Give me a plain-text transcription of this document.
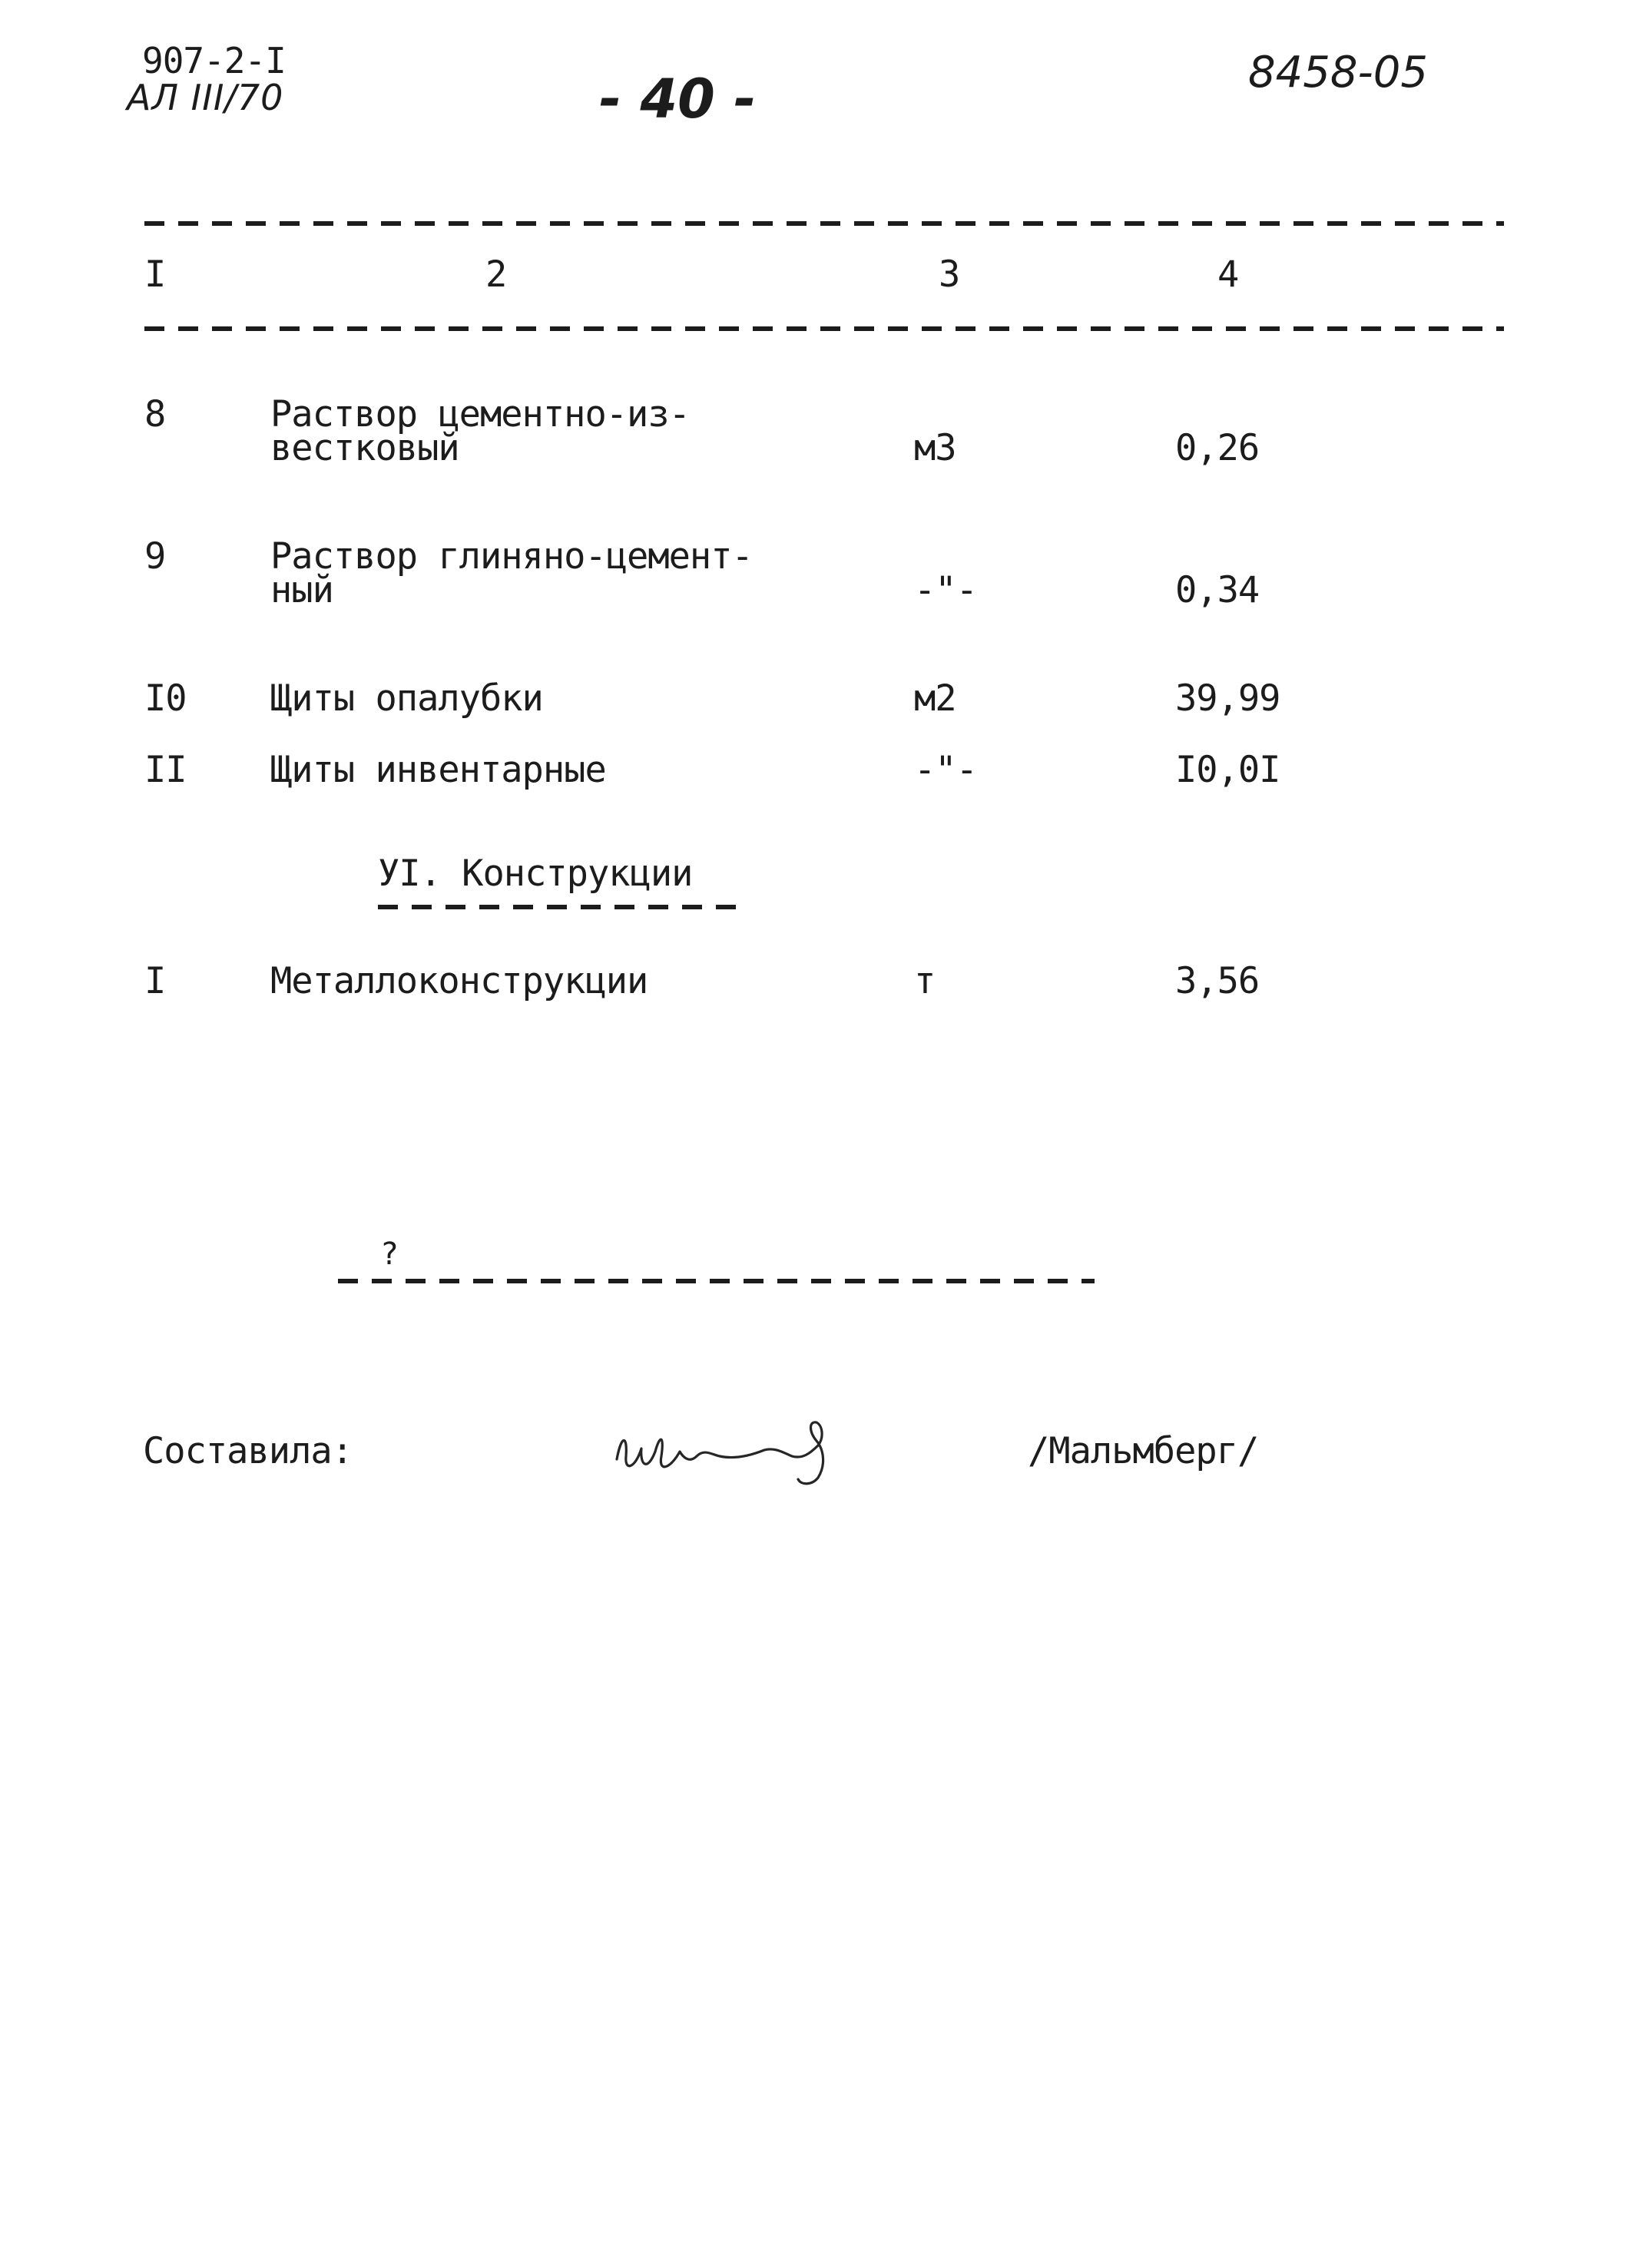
907-2-I
АЛ III/70	- 40 -	8458-05
I	2	3	4
8	Раствор цементно-из-
вестковый	м3	0,26
9	Раствор глиняно-цемент-
ный	-"-	0,34
I0 Щиты опалубки	м2	39,99
II Щиты инвентарные	-"-	I0,0I
УI. Конструкции
I	Металлоконструкции	т	3,56
?
Составила:	/Мальмберг/
